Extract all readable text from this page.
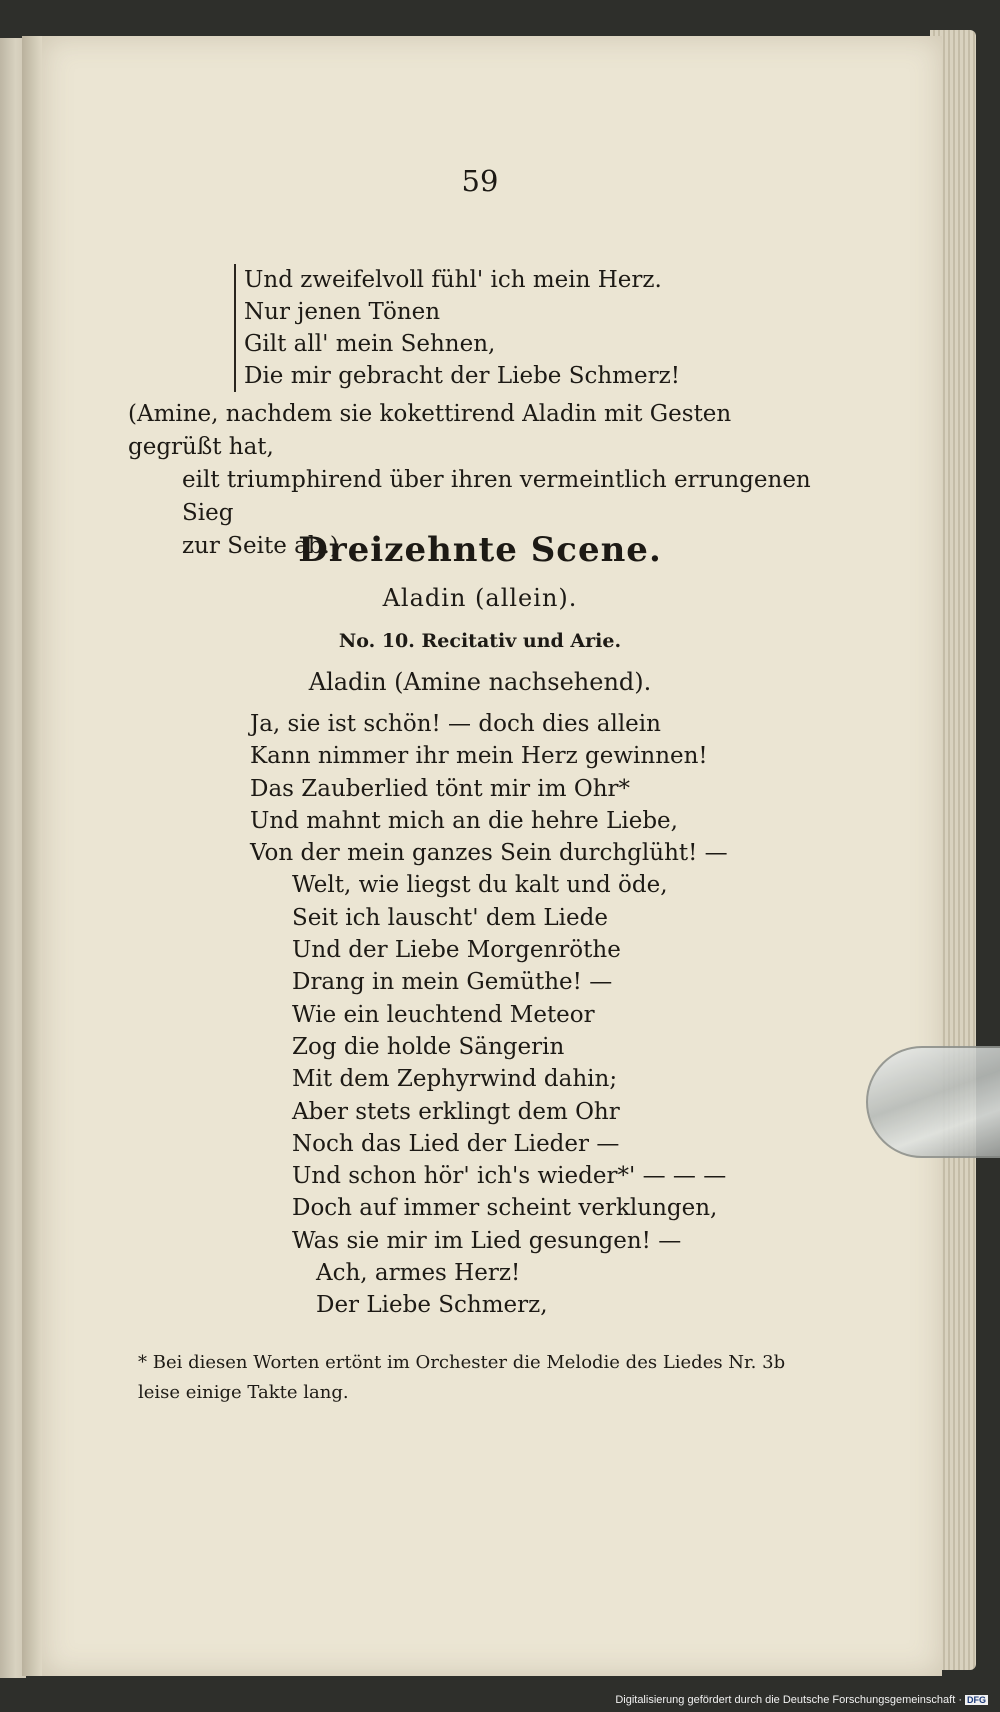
59
Und zweifelvoll fühl' ich mein Herz.
Nur jenen Tönen
Gilt all' mein Sehnen,
Die mir gebracht der Liebe Schmerz!
(Amine, nachdem sie kokettirend Aladin mit Gesten gegrüßt hat,
eilt triumphirend über ihren vermeintlich errungenen Sieg
zur Seite ab.)
Dreizehnte Scene.
Aladin (allein).
No. 10. Recitativ und Arie.
Aladin (Amine nachsehend).
Ja, sie ist schön! — doch dies allein
Kann nimmer ihr mein Herz gewinnen!
Das Zauberlied tönt mir im Ohr*
Und mahnt mich an die hehre Liebe,
Von der mein ganzes Sein durchglüht! —
Welt, wie liegst du kalt und öde,
Seit ich lauscht' dem Liede
Und der Liebe Morgenröthe
Drang in mein Gemüthe! —
Wie ein leuchtend Meteor
Zog die holde Sängerin
Mit dem Zephyrwind dahin;
Aber stets erklingt dem Ohr
Noch das Lied der Lieder —
Und schon hör' ich's wieder*' — — —
Doch auf immer scheint verklungen,
Was sie mir im Lied gesungen! —
Ach, armes Herz!
Der Liebe Schmerz,
* Bei diesen Worten ertönt im Orchester die Melodie des Liedes Nr. 3b
leise einige Takte lang.
Digitalisierung gefördert durch die Deutsche Forschungsgemeinschaft · DFG
